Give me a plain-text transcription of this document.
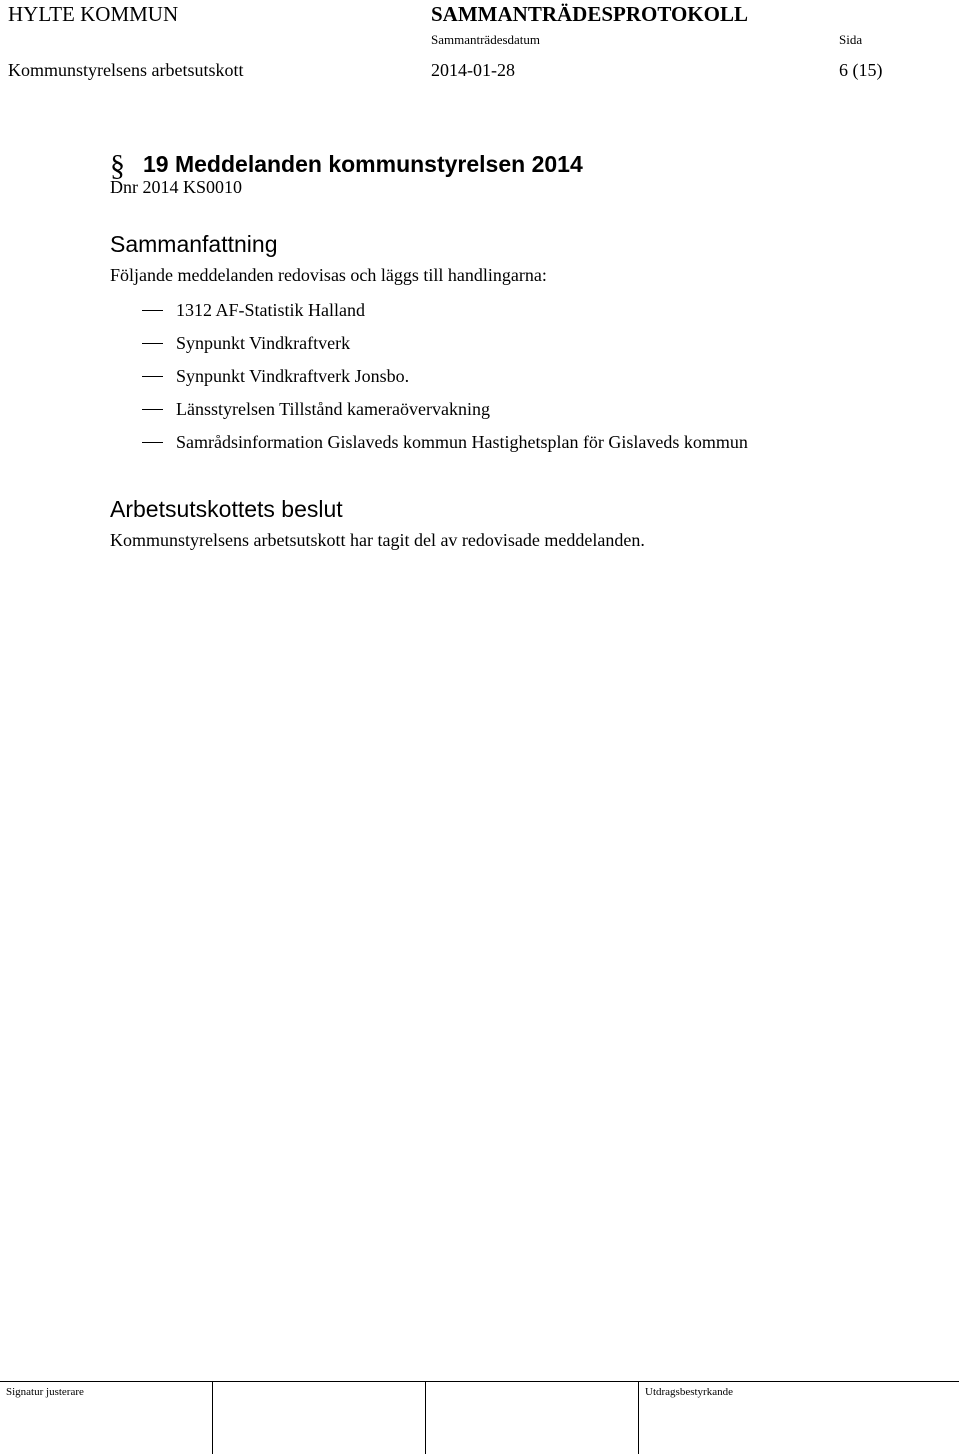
HYLTE KOMMUN	SAMMANTRÄDESPROTOKOLL
Sammanträdesdatum	Sida
Kommunstyrelsens arbetsutskott	2014-01-28	6 (15)
§ 19 Meddelanden kommunstyrelsen 2014
Dnr 2014 KS0010
Sammanfattning
Följande meddelanden redovisas och läggs till handlingarna:
1312 AF-Statistik Halland
Synpunkt Vindkraftverk
Synpunkt Vindkraftverk Jonsbo.
Länsstyrelsen Tillstånd kameraövervakning
Samrådsinformation Gislaveds kommun Hastighetsplan för Gislaveds kommun
Arbetsutskottets beslut
Kommunstyrelsens arbetsutskott har tagit del av redovisade meddelanden.
Signatur justerare	Utdragsbestyrkande
